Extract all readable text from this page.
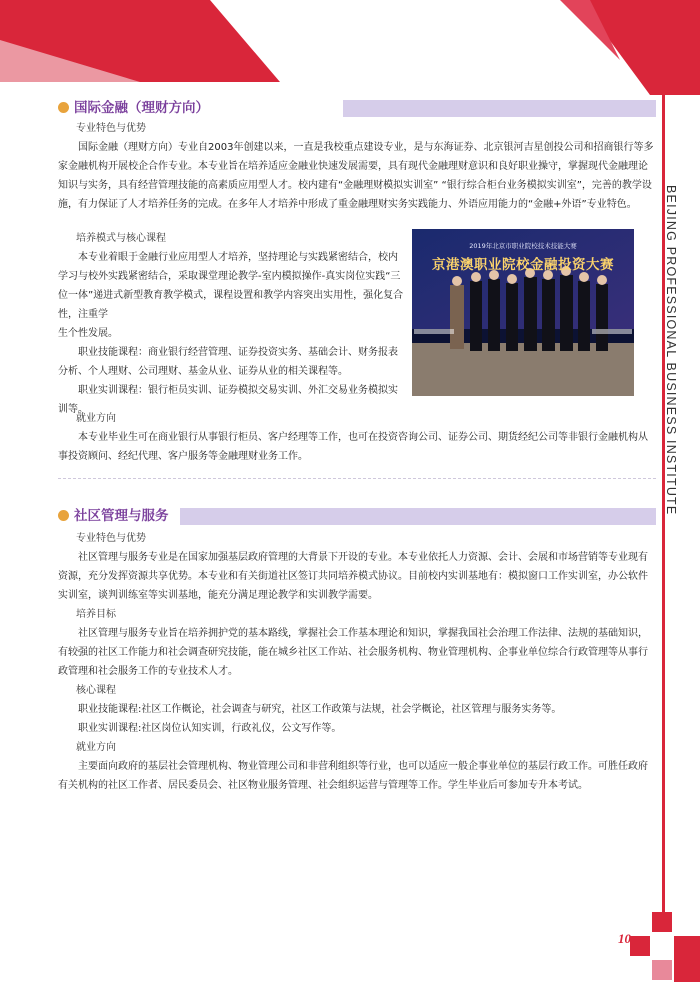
BEIJING PROFESSIONAL BUSINESS INSTITUTE
国际金融（理财方向）
专业特色与优势
国际金融（理财方向）专业自2003年创建以来，一直是我校重点建设专业，是与东海证券、北京银河吉星创投公司和招商银行等多家金融机构开展校企合作专业。本专业旨在培养适应金融业快速发展需要，具有现代金融理财意识和良好职业操守，掌握现代金融理论知识与实务，具有经营管理技能的高素质应用型人才。校内建有“金融理财模拟实训室” “银行综合柜台业务模拟实训室”，完善的教学设施，有力保证了人才培养任务的完成。在多年人才培养中形成了重金融理财实务实践能力、外语应用能力的“金融+外语”专业特色。
培养模式与核心课程
本专业着眼于金融行业应用型人才培养，坚持理论与实践紧密结合，校内学习与校外实践紧密结合，采取课堂理论教学-室内模拟操作-真实岗位实践“三位一体”递进式新型教育教学模式，课程设置和教学内容突出实用性，强化复合性，注重学
生个性发展。
职业技能课程：商业银行经营管理、证券投资实务、基础会计、财务报表分析、个人理财、公司理财、基金从业、证券从业的相关课程等。
职业实训课程：银行柜员实训、证券模拟交易实训、外汇交易业务模拟实训等。
2019年北京市职业院校技术技能大赛
京港澳职业院校金融投资大赛
就业方向
本专业毕业生可在商业银行从事银行柜员、客户经理等工作，也可在投资咨询公司、证券公司、期货经纪公司等非银行金融机构从事投资顾问、经纪代理、客户服务等金融理财业务工作。
社区管理与服务
专业特色与优势
社区管理与服务专业是在国家加强基层政府管理的大背景下开设的专业。本专业依托人力资源、会计、会展和市场营销等专业现有资源，充分发挥资源共享优势。本专业和有关街道社区签订共同培养模式协议。目前校内实训基地有：模拟窗口工作实训室，办公软件实训室，谈判训练室等实训基地，能充分满足理论教学和实训教学需要。
培养目标
社区管理与服务专业旨在培养拥护党的基本路线，掌握社会工作基本理论和知识，掌握我国社会治理工作法律、法规的基础知识，有较强的社区工作能力和社会调查研究技能，能在城乡社区工作站、社会服务机构、物业管理机构、企事业单位综合行政管理等从事行政管理和社会服务工作的专业技术人才。
核心课程
职业技能课程:社区工作概论，社会调查与研究，社区工作政策与法规，社会学概论，社区管理与服务实务等。
职业实训课程:社区岗位认知实训，行政礼仪，公文写作等。
就业方向
主要面向政府的基层社会管理机构、物业管理公司和非营利组织等行业，也可以适应一般企事业单位的基层行政工作。可胜任政府有关机构的社区工作者、居民委员会、社区物业服务管理、社会组织运营与管理等工作。学生毕业后可参加专升本考试。
10
